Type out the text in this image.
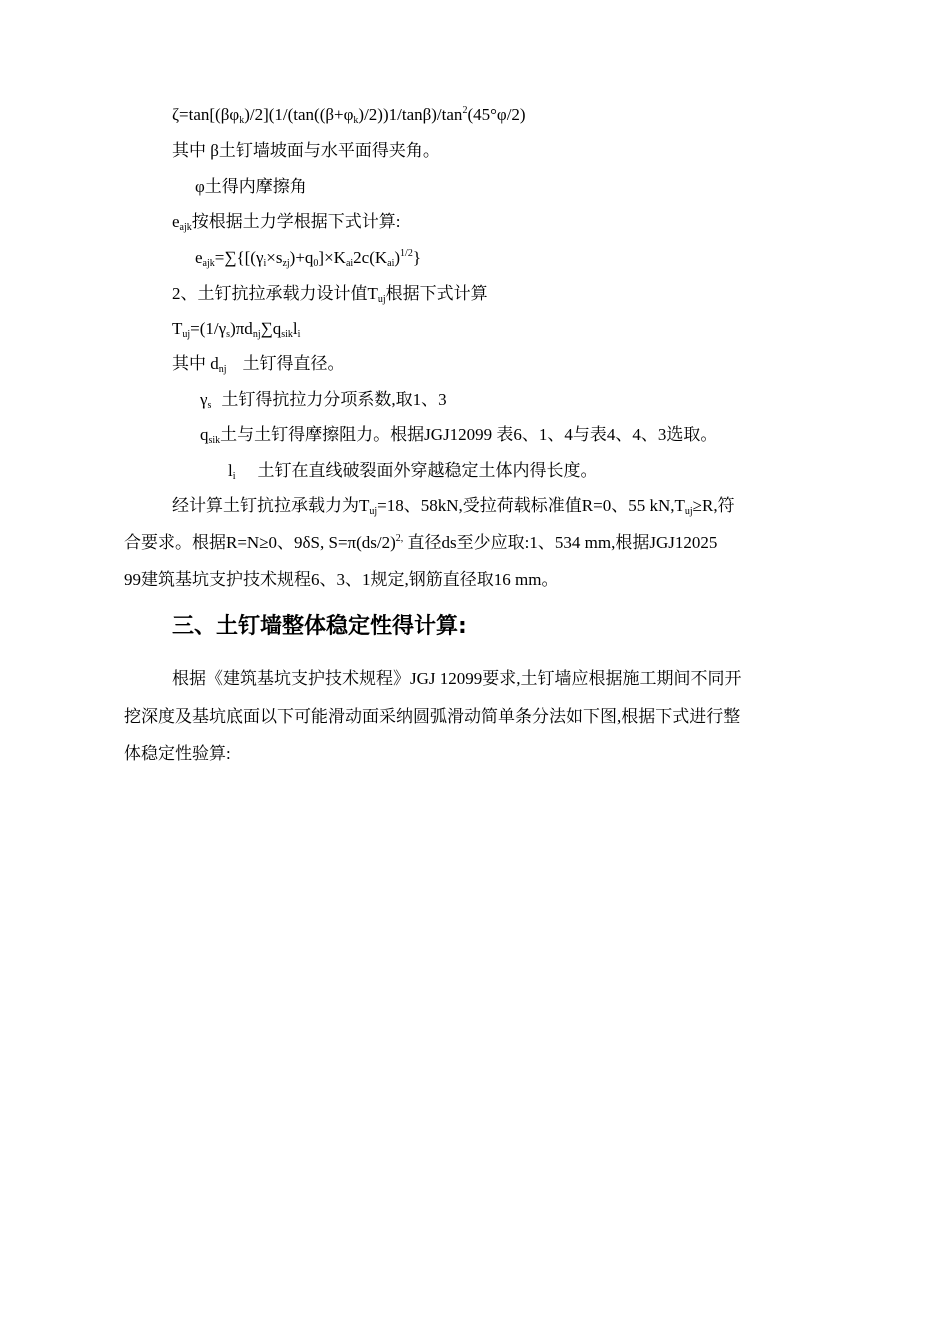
$\zeta=\tan[(\beta\varphi_k)/2](1/(\tan((\beta+\varphi_k)/2))1/\tan\beta)/\tan^2(45^\circ\varphi/2)$
其中 β土钉墙坡面与水平面得夹角。
φ土得内摩擦角
$e_{ajk}$按根据土力学根据下式计算:
$e_{ajk}=\sum\{[(\gamma_i\times s_{zj})+q_0]\times K_{ai}2c(K_{ai})^{1/2}\}$
2、土钉抗拉承载力设计值$T_{uj}$根据下式计算
$T_{uj}=(1/\gamma_s)\pi d_{nj}\sum q_{sik}l_i$
其中 $d_{nj}$ 土钉得直径。
$\gamma_s$ 土钉得抗拉力分项系数,取1、3
$q_{sik}$土与土钉得摩擦阻力。根据JGJ12099 表6、1、4与表4、4、3选取。
$l_i$ 土钉在直线破裂面外穿越稳定土体内得长度。
经计算土钉抗拉承载力为$T_{uj}=18$、58kN,受拉荷载标准值R=0、55 $kN,T_{uj}\ge R$,符
合要求。根据R=N≥0、9δS, $S=\pi(ds/2)^{2,}$ 直径ds至少应取:1、534 mm,根据JGJ12025
99建筑基坑支护技术规程6、3、1规定,钢筋直径取16 mm。
三、土钉墙整体稳定性得计算:
根据《建筑基坑支护技术规程》JGJ 12099要求,土钉墙应根据施工期间不同开
挖深度及基坑底面以下可能滑动面采纳圆弧滑动简单条分法如下图,根据下式进行整
体稳定性验算:
